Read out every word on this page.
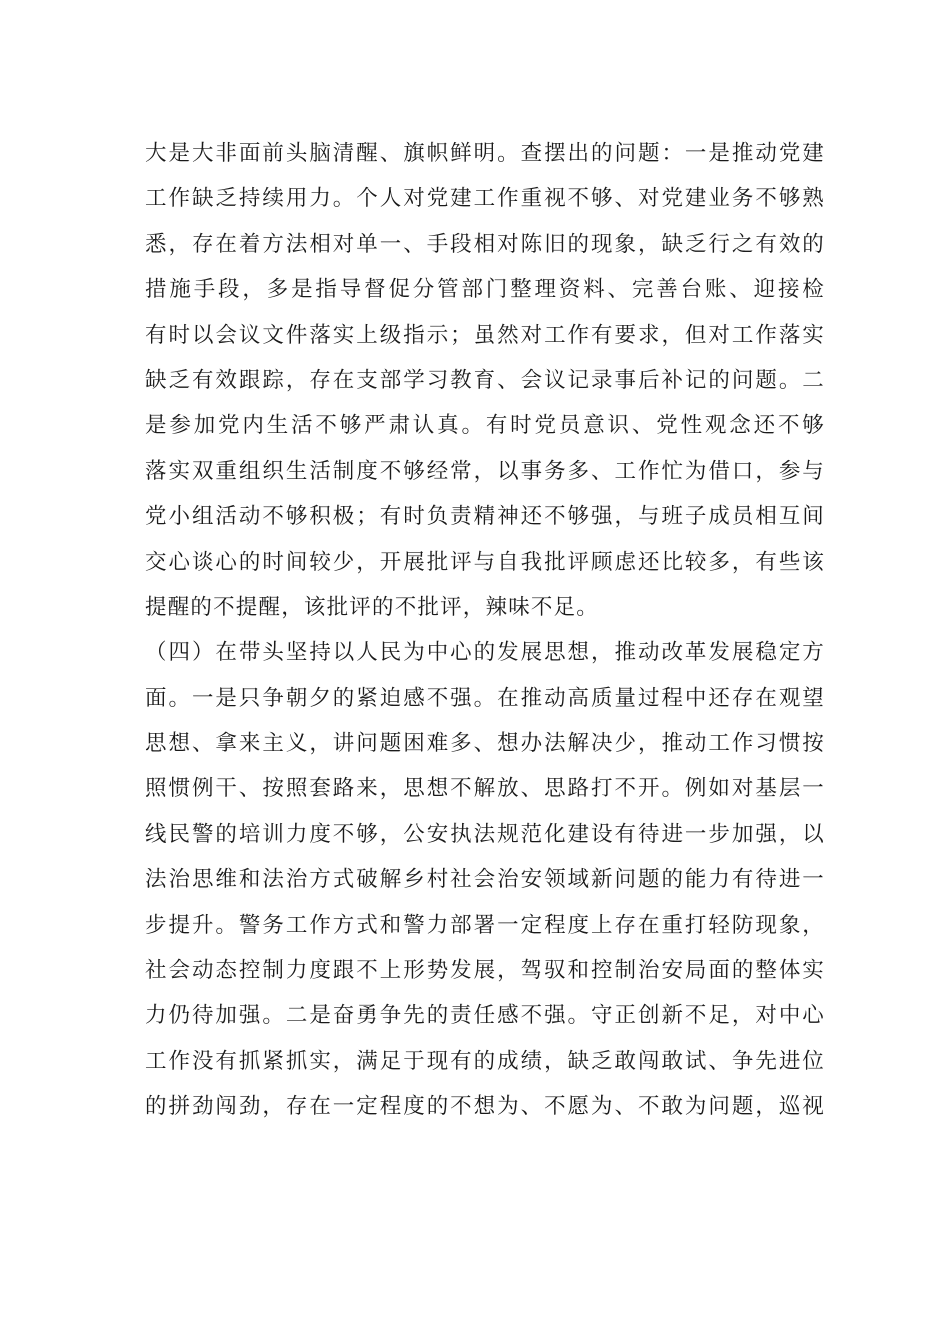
大是大非面前头脑清醒、旗帜鲜明。查摆出的问题：一是推动党建
工作缺乏持续用力。个人对党建工作重视不够、对党建业务不够熟
悉，存在着方法相对单一、手段相对陈旧的现象，缺乏行之有效的
措施手段，多是指导督促分管部门整理资料、完善台账、迎接检
有时以会议文件落实上级指示；虽然对工作有要求，但对工作落实
缺乏有效跟踪，存在支部学习教育、会议记录事后补记的问题。二
是参加党内生活不够严肃认真。有时党员意识、党性观念还不够
落实双重组织生活制度不够经常，以事务多、工作忙为借口，参与
党小组活动不够积极；有时负责精神还不够强，与班子成员相互间
交心谈心的时间较少，开展批评与自我批评顾虑还比较多，有些该
提醒的不提醒，该批评的不批评，辣味不足。
（四）在带头坚持以人民为中心的发展思想，推动改革发展稳定方
面。一是只争朝夕的紧迫感不强。在推动高质量过程中还存在观望
思想、拿来主义，讲问题困难多、想办法解决少，推动工作习惯按
照惯例干、按照套路来，思想不解放、思路打不开。例如对基层一
线民警的培训力度不够，公安执法规范化建设有待进一步加强，以
法治思维和法治方式破解乡村社会治安领域新问题的能力有待进一
步提升。警务工作方式和警力部署一定程度上存在重打轻防现象，
社会动态控制力度跟不上形势发展，驾驭和控制治安局面的整体实
力仍待加强。二是奋勇争先的责任感不强。守正创新不足，对中心
工作没有抓紧抓实，满足于现有的成绩，缺乏敢闯敢试、争先进位
的拼劲闯劲，存在一定程度的不想为、不愿为、不敢为问题，巡视
